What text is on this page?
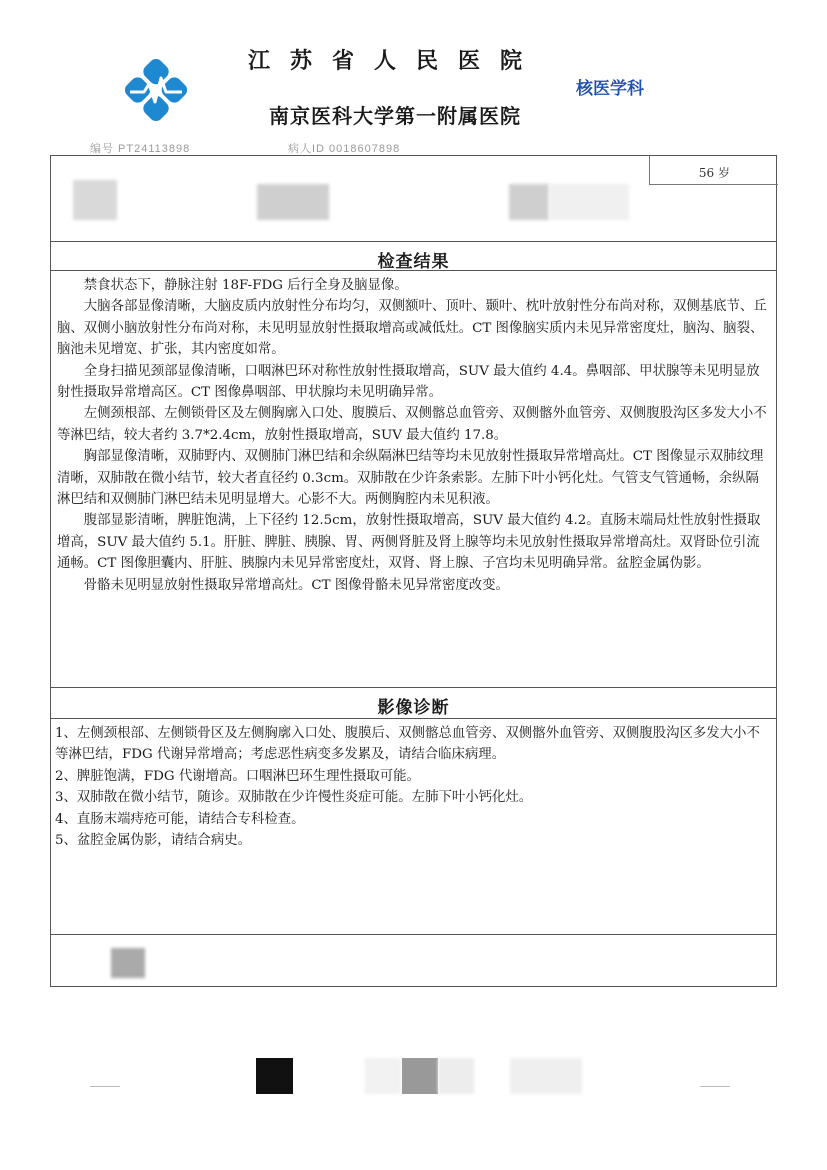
江苏省人民医院
南京医科大学第一附属医院
核医学科
编号 PT24113898	病人ID 0018607898
56 岁
检查结果

禁食状态下，静脉注射 18F-FDG 后行全身及脑显像。

大脑各部显像清晰，大脑皮质内放射性分布均匀，双侧额叶、顶叶、颞叶、枕叶放射性分布尚对称，双侧基底节、丘脑、双侧小脑放射性分布尚对称，未见明显放射性摄取增高或减低灶。CT 图像脑实质内未见异常密度灶，脑沟、脑裂、脑池未见增宽、扩张，其内密度如常。

全身扫描见颈部显像清晰，口咽淋巴环对称性放射性摄取增高，SUV 最大值约 4.4。鼻咽部、甲状腺等未见明显放射性摄取异常增高区。CT 图像鼻咽部、甲状腺均未见明确异常。

左侧颈根部、左侧锁骨区及左侧胸廓入口处、腹膜后、双侧髂总血管旁、双侧髂外血管旁、双侧腹股沟区多发大小不等淋巴结，较大者约 3.7*2.4cm，放射性摄取增高，SUV 最大值约 17.8。

胸部显像清晰，双肺野内、双侧肺门淋巴结和余纵隔淋巴结等均未见放射性摄取异常增高灶。CT 图像显示双肺纹理清晰，双肺散在微小结节，较大者直径约 0.3cm。双肺散在少许条索影。左肺下叶小钙化灶。气管支气管通畅，余纵隔淋巴结和双侧肺门淋巴结未见明显增大。心影不大。两侧胸腔内未见积液。

腹部显影清晰，脾脏饱满，上下径约 12.5cm，放射性摄取增高，SUV 最大值约 4.2。直肠末端局灶性放射性摄取增高，SUV 最大值约 5.1。肝脏、脾脏、胰腺、胃、两侧肾脏及肾上腺等均未见放射性摄取异常增高灶。双肾卧位引流通畅。CT 图像胆囊内、肝脏、胰腺内未见异常密度灶，双肾、肾上腺、子宫均未见明确异常。盆腔金属伪影。

骨骼未见明显放射性摄取异常增高灶。CT 图像骨骼未见异常密度改变。

影像诊断

1、左侧颈根部、左侧锁骨区及左侧胸廓入口处、腹膜后、双侧髂总血管旁、双侧髂外血管旁、双侧腹股沟区多发大小不等淋巴结，FDG 代谢异常增高；考虑恶性病变多发累及，请结合临床病理。

2、脾脏饱满，FDG 代谢增高。口咽淋巴环生理性摄取可能。

3、双肺散在微小结节，随诊。双肺散在少许慢性炎症可能。左肺下叶小钙化灶。

4、直肠末端痔疮可能，请结合专科检查。

5、盆腔金属伪影，请结合病史。
